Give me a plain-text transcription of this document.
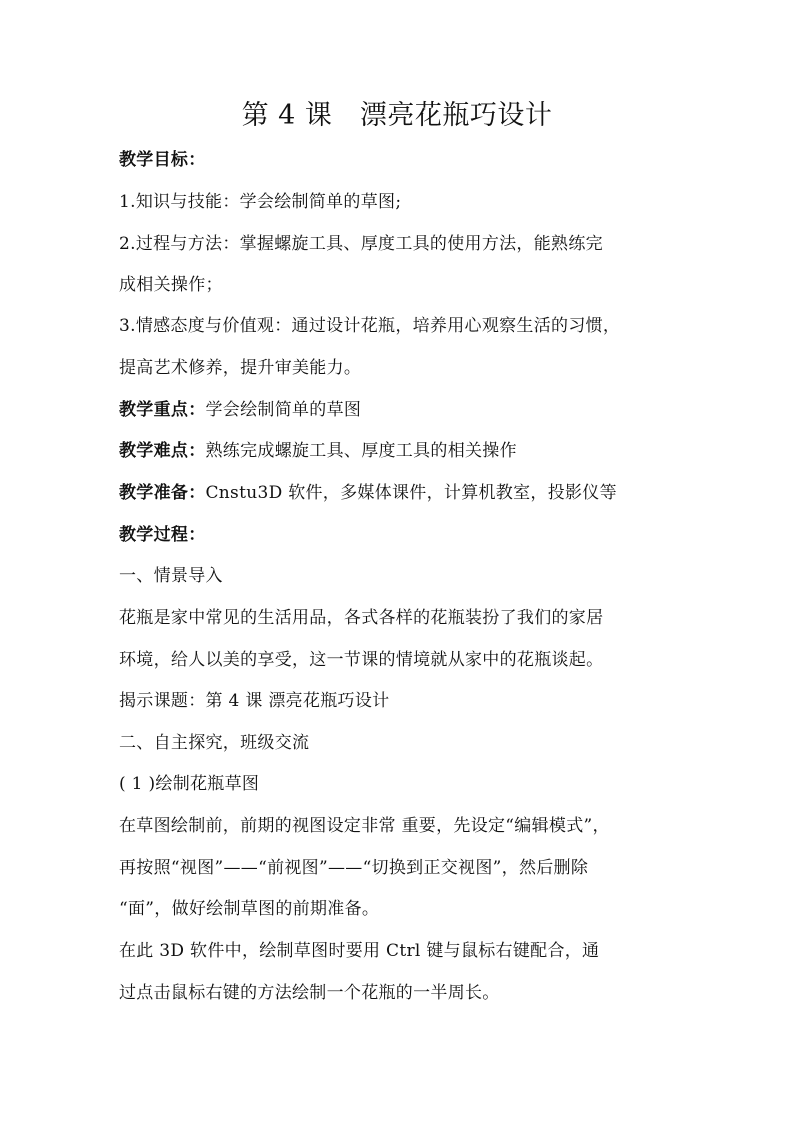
第 4 课　漂亮花瓶巧设计
教学目标：
1.知识与技能：学会绘制简单的草图;
2.过程与方法：掌握螺旋工具、厚度工具的使用方法，能熟练完
成相关操作；
3.情感态度与价值观：通过设计花瓶，培养用心观察生活的习惯，
提高艺术修养，提升审美能力。
教学重点：学会绘制简单的草图
教学难点：熟练完成螺旋工具、厚度工具的相关操作
教学准备：Cnstu3D 软件，多媒体课件，计算机教室，投影仪等
教学过程：
一、情景导入
花瓶是家中常见的生活用品，各式各样的花瓶装扮了我们的家居
环境，给人以美的享受，这一节课的情境就从家中的花瓶谈起。
揭示课题：第 4 课 漂亮花瓶巧设计
二、自主探究，班级交流
( 1 )绘制花瓶草图
在草图绘制前，前期的视图设定非常 重要，先设定“编辑模式”，
再按照“视图”——“前视图”——“切换到正交视图”，然后删除
“面”，做好绘制草图的前期准备。
在此 3D 软件中，绘制草图时要用 Ctrl 键与鼠标右键配合，通
过点击鼠标右键的方法绘制一个花瓶的一半周长。
